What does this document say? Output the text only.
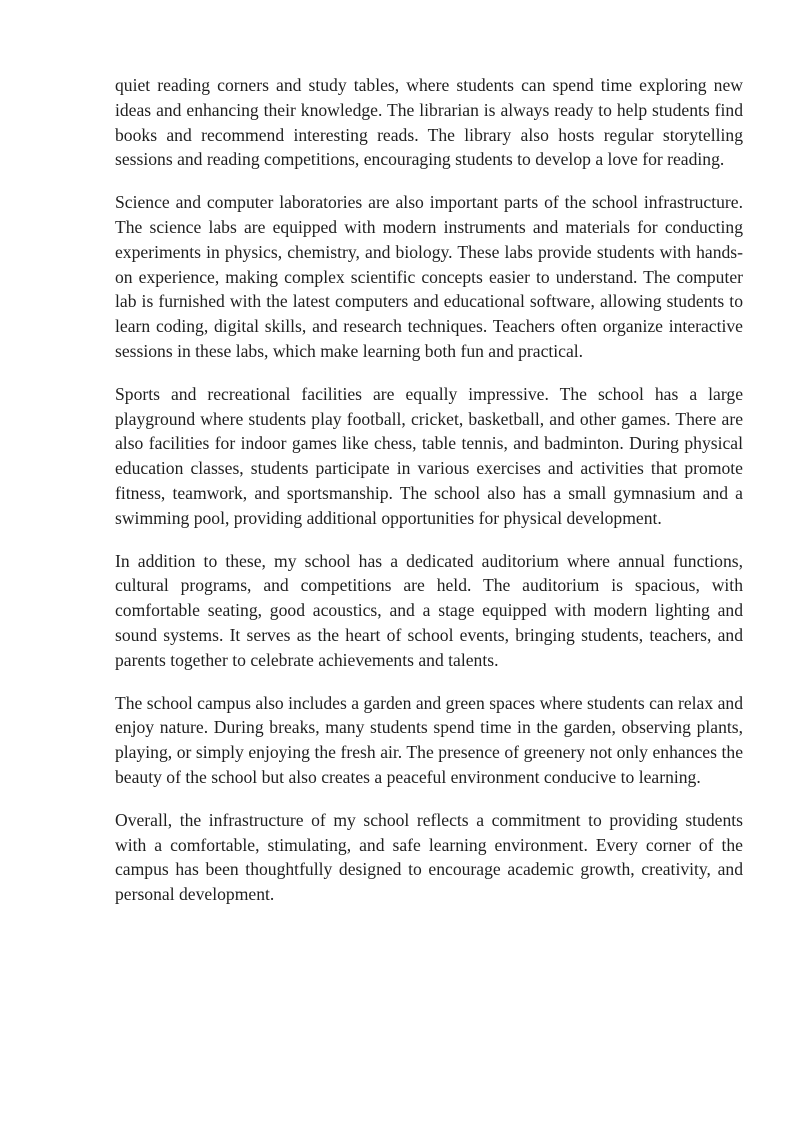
quiet reading corners and study tables, where students can spend time exploring new ideas and enhancing their knowledge. The librarian is always ready to help students find books and recommend interesting reads. The library also hosts regular storytelling sessions and reading competitions, encouraging students to develop a love for reading.

Science and computer laboratories are also important parts of the school infrastructure. The science labs are equipped with modern instruments and materials for conducting experiments in physics, chemistry, and biology. These labs provide students with hands-on experience, making complex scientific concepts easier to understand. The computer lab is furnished with the latest computers and educational software, allowing students to learn coding, digital skills, and research techniques. Teachers often organize interactive sessions in these labs, which make learning both fun and practical.

Sports and recreational facilities are equally impressive. The school has a large playground where students play football, cricket, basketball, and other games. There are also facilities for indoor games like chess, table tennis, and badminton. During physical education classes, students participate in various exercises and activities that promote fitness, teamwork, and sportsmanship. The school also has a small gymnasium and a swimming pool, providing additional opportunities for physical development.

In addition to these, my school has a dedicated auditorium where annual functions, cultural programs, and competitions are held. The auditorium is spacious, with comfortable seating, good acoustics, and a stage equipped with modern lighting and sound systems. It serves as the heart of school events, bringing students, teachers, and parents together to celebrate achievements and talents.

The school campus also includes a garden and green spaces where students can relax and enjoy nature. During breaks, many students spend time in the garden, observing plants, playing, or simply enjoying the fresh air. The presence of greenery not only enhances the beauty of the school but also creates a peaceful environment conducive to learning.

Overall, the infrastructure of my school reflects a commitment to providing students with a comfortable, stimulating, and safe learning environment. Every corner of the campus has been thoughtfully designed to encourage academic growth, creativity, and personal development.
